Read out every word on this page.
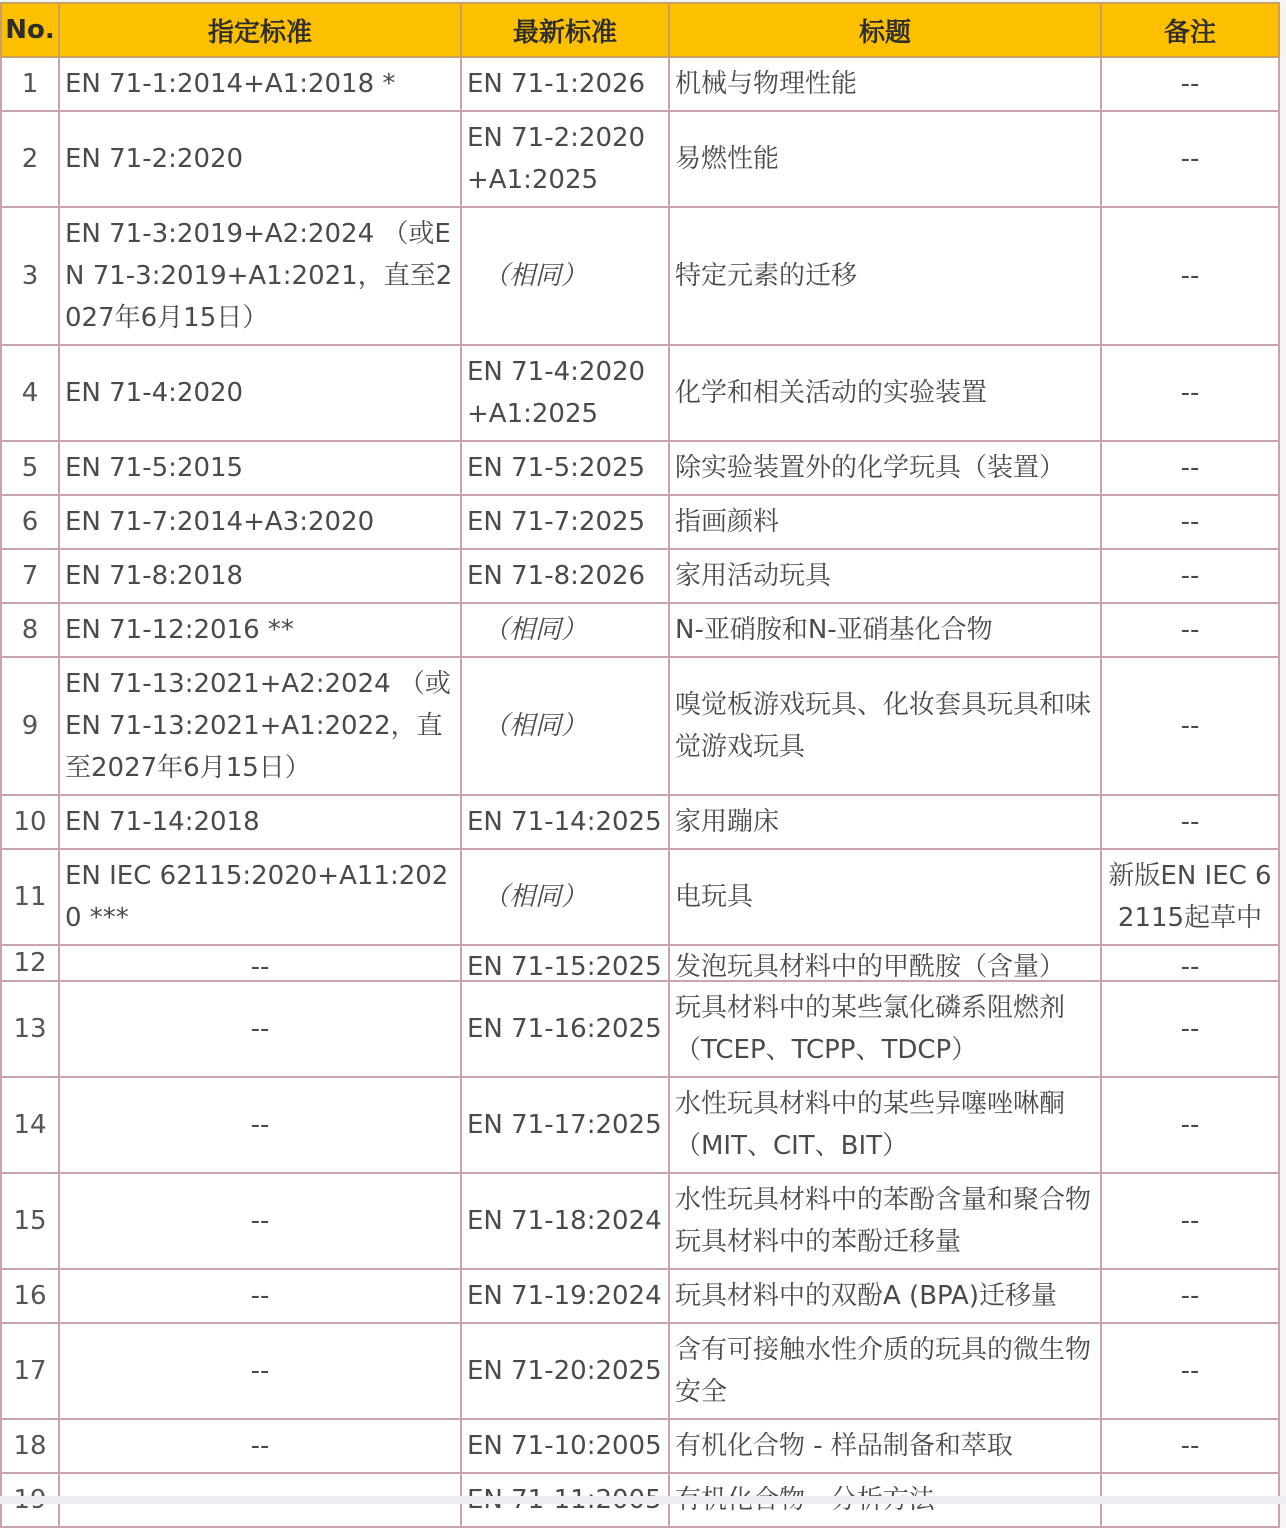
No.	指定标准	最新标准	标题	备注
1	EN 71-1:2014+A1:2018 *	EN 71-1:2026	机械与物理性能	--
2	EN 71-2:2020	EN 71-2:2020+A1:2025	易燃性能	--
3	EN 71-3:2019+A2:2024 （或EN 71-3:2019+A1:2021，直至2027年6月15日）	（相同）	特定元素的迁移	--
4	EN 71-4:2020	EN 71-4:2020+A1:2025	化学和相关活动的实验装置	--
5	EN 71-5:2015	EN 71-5:2025	除实验装置外的化学玩具（装置）	--
6	EN 71-7:2014+A3:2020	EN 71-7:2025	指画颜料	--
7	EN 71-8:2018	EN 71-8:2026	家用活动玩具	--
8	EN 71-12:2016 **	（相同）	N-亚硝胺和N-亚硝基化合物	--
9	EN 71-13:2021+A2:2024 （或EN 71-13:2021+A1:2022，直至2027年6月15日）	（相同）	嗅觉板游戏玩具、化妆套具玩具和味觉游戏玩具	--
10	EN 71-14:2018	EN 71-14:2025	家用蹦床	--
11	EN IEC 62115:2020+A11:2020 ***	（相同）	电玩具	新版EN IEC 62115起草中
12	--	EN 71-15:2025	发泡玩具材料中的甲酰胺（含量）	--
13	--	EN 71-16:2025	玩具材料中的某些氯化磷系阻燃剂（TCEP、TCPP、TDCP）	--
14	--	EN 71-17:2025	水性玩具材料中的某些异噻唑啉酮（MIT、CIT、BIT）	--
15	--	EN 71-18:2024	水性玩具材料中的苯酚含量和聚合物玩具材料中的苯酚迁移量	--
16	--	EN 71-19:2024	玩具材料中的双酚A (BPA)迁移量	--
17	--	EN 71-20:2025	含有可接触水性介质的玩具的微生物安全	--
18	--	EN 71-10:2005	有机化合物 - 样品制备和萃取	--
